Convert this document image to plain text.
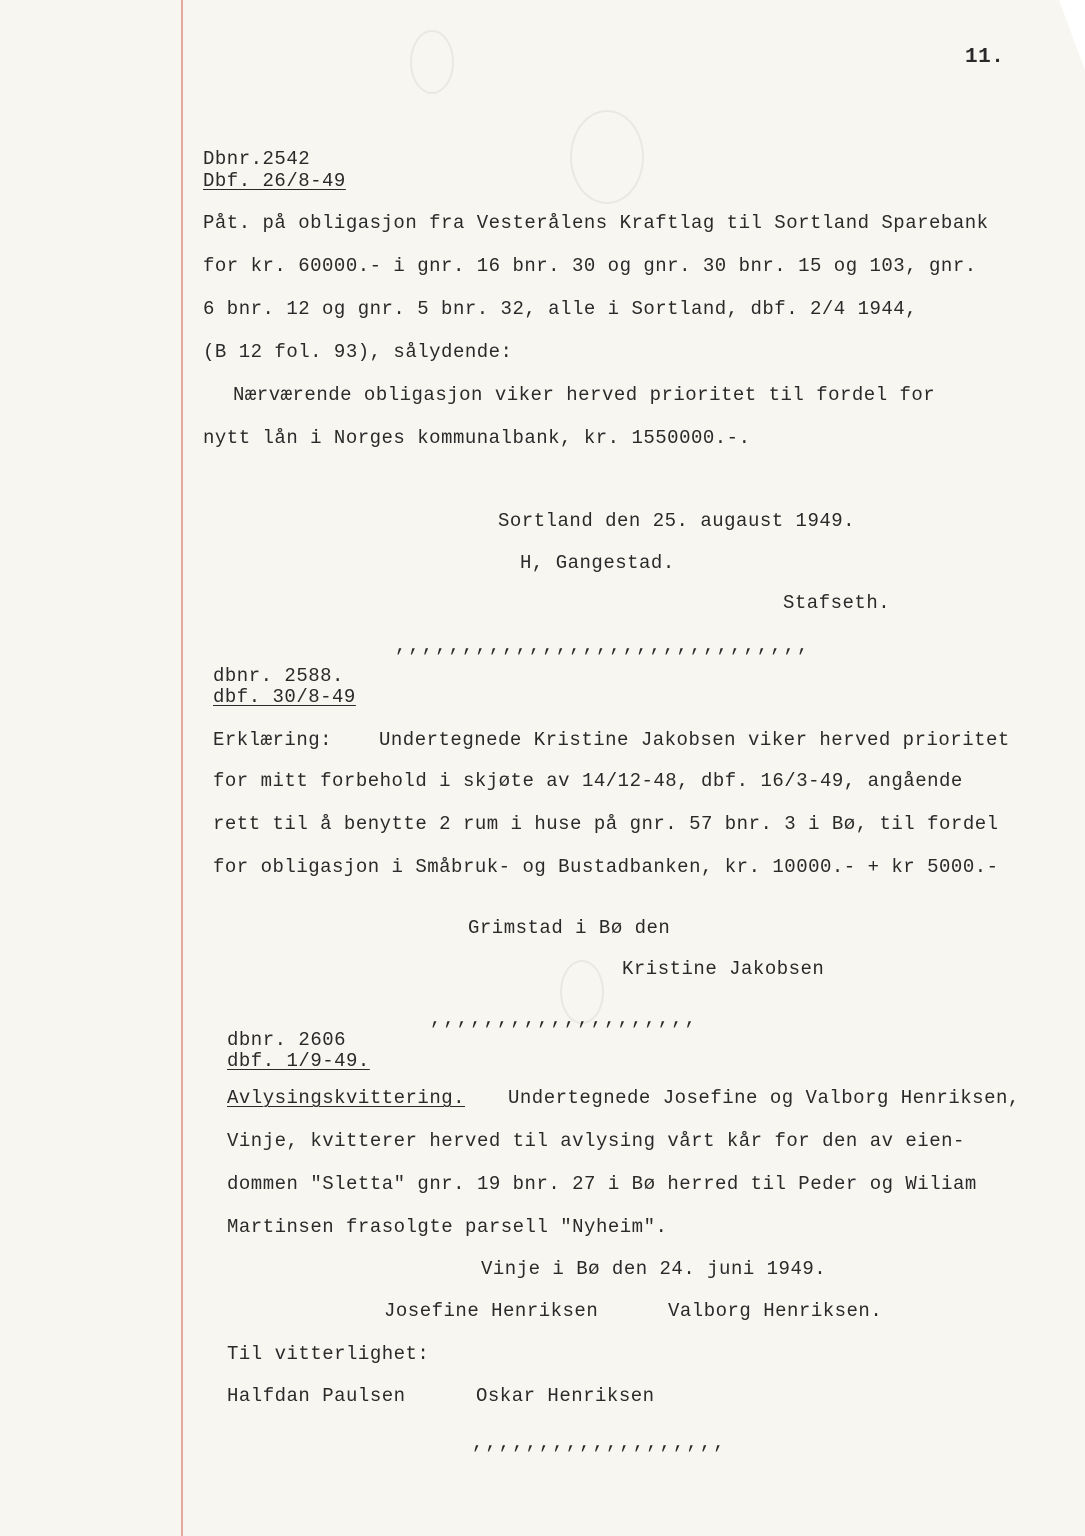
11.
Dbnr.2542
Dbf. 26/8-49
Påt. på obligasjon fra Vesterålens Kraftlag til Sortland Sparebank
for kr. 60000.- i gnr. 16 bnr. 30 og gnr. 30 bnr. 15 og 103, gnr.
6 bnr. 12 og gnr. 5 bnr. 32, alle i Sortland, dbf. 2/4 1944,
(B 12 fol. 93), sålydende:
Nærværende obligasjon viker herved prioritet til fordel for
nytt lån i Norges kommunalbank, kr. 1550000.-.
Sortland den 25. augaust 1949.
H, Gangestad.
Stafseth.
,,,,,,,,,,,,,,,,,,,,,,,,,,,,,,,
dbnr. 2588.
dbf. 30/8-49
Erklæring: Undertegnede Kristine Jakobsen viker herved prioritet
for mitt forbehold i skjøte av 14/12-48, dbf. 16/3-49, angående
rett til å benytte 2 rum i huse på gnr. 57 bnr. 3 i Bø, til fordel
for obligasjon i Småbruk- og Bustadbanken, kr. 10000.- + kr 5000.-
Grimstad i Bø den
Kristine Jakobsen
,,,,,,,,,,,,,,,,,,,,
dbnr. 2606
dbf. 1/9-49.
Avlysingskvittering. Undertegnede Josefine og Valborg Henriksen,
Vinje, kvitterer herved til avlysing vårt kår for den av eien-
dommen "Sletta" gnr. 19 bnr. 27 i Bø herred til Peder og Wiliam
Martinsen frasolgte parsell "Nyheim".
Vinje i Bø den 24. juni 1949.
Josefine Henriksen	Valborg Henriksen.
Til vitterlighet:
Halfdan Paulsen	Oskar Henriksen
,,,,,,,,,,,,,,,,,,,
